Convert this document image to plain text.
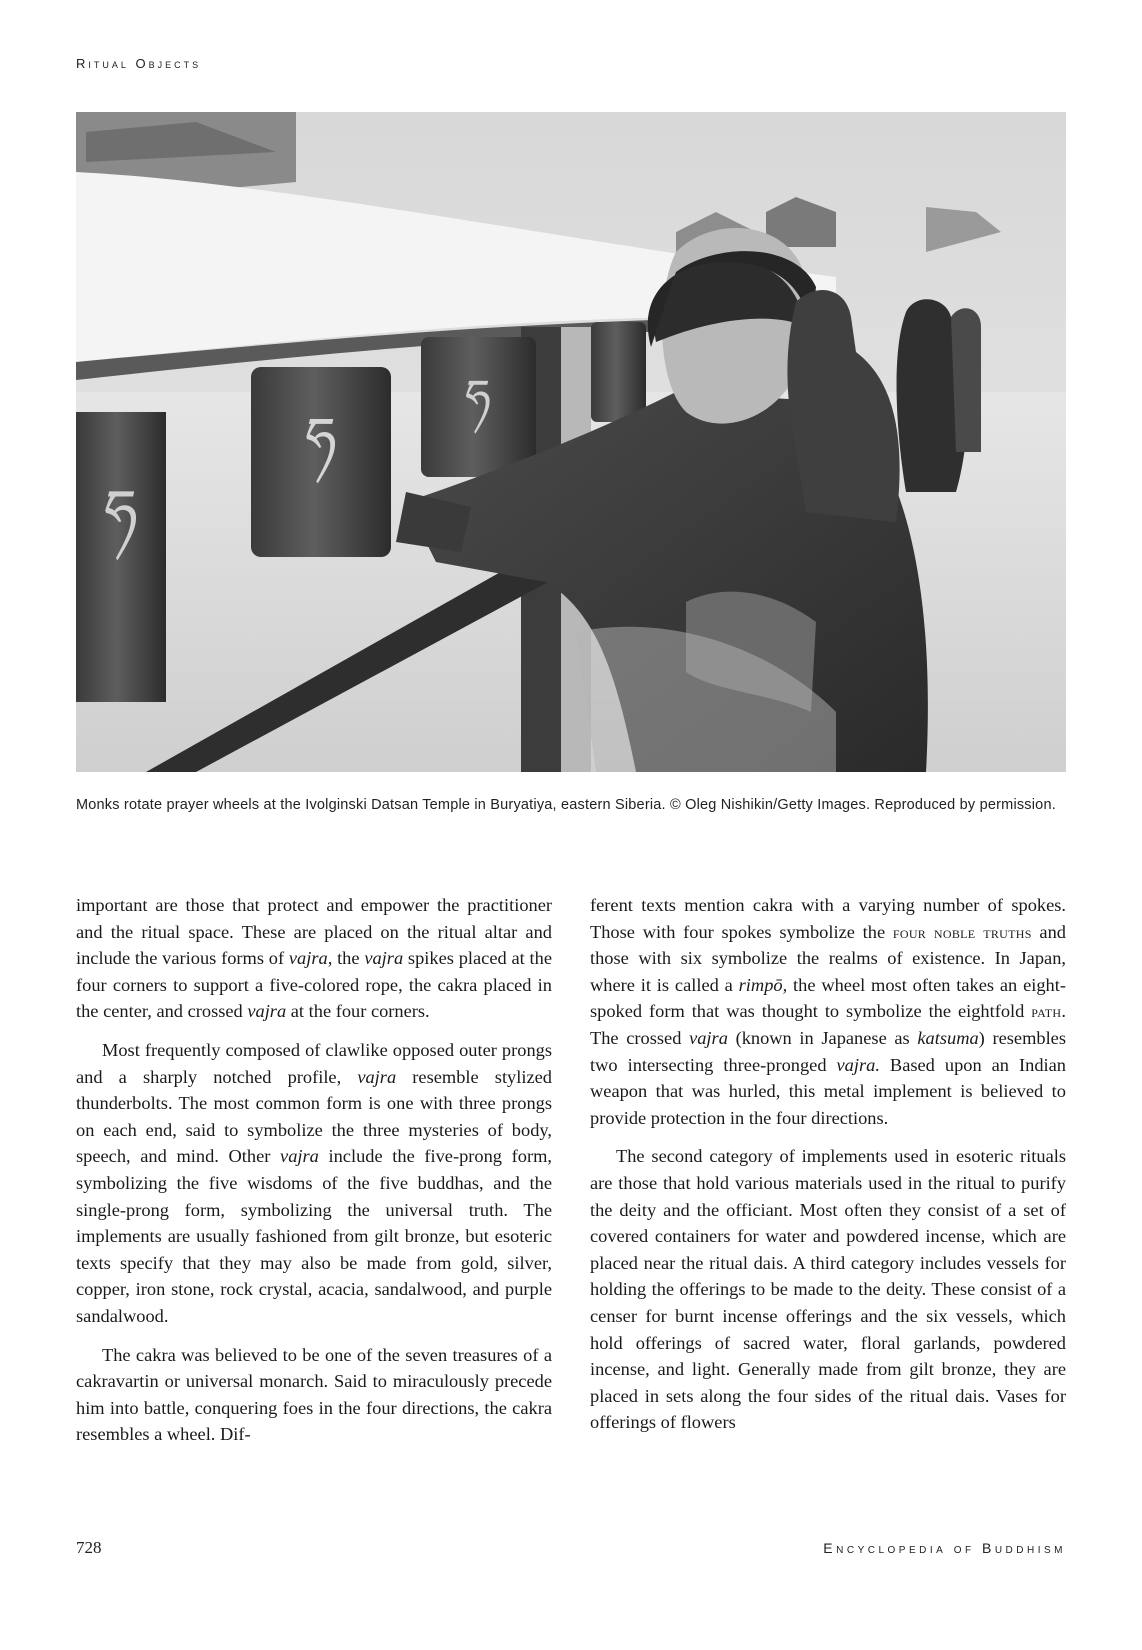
Ritual Objects
ཧ
ཧ
ཧ
Monks rotate prayer wheels at the Ivolginski Datsan Temple in Buryatiya, eastern Siberia. © Oleg Nishikin/Getty Images. Reproduced by permission.

important are those that protect and empower the practitioner and the ritual space. These are placed on the ritual altar and include the various forms of vajra, the vajra spikes placed at the four corners to support a five-colored rope, the cakra placed in the center, and crossed vajra at the four corners.

Most frequently composed of clawlike opposed outer prongs and a sharply notched profile, vajra resemble stylized thunderbolts. The most common form is one with three prongs on each end, said to symbolize the three mysteries of body, speech, and mind. Other vajra include the five-prong form, symbolizing the five wisdoms of the five buddhas, and the single-prong form, symbolizing the universal truth. The implements are usually fashioned from gilt bronze, but esoteric texts specify that they may also be made from gold, silver, copper, iron stone, rock crystal, acacia, sandalwood, and purple sandalwood.

The cakra was believed to be one of the seven treasures of a cakravartin or universal monarch. Said to miraculously precede him into battle, conquering foes in the four directions, the cakra resembles a wheel. Dif-

ferent texts mention cakra with a varying number of spokes. Those with four spokes symbolize the four noble truths and those with six symbolize the realms of existence. In Japan, where it is called a rimpō, the wheel most often takes an eight-spoked form that was thought to symbolize the eightfold path. The crossed vajra (known in Japanese as katsuma) resembles two intersecting three-pronged vajra. Based upon an Indian weapon that was hurled, this metal implement is believed to provide protection in the four directions.

The second category of implements used in esoteric rituals are those that hold various materials used in the ritual to purify the deity and the officiant. Most often they consist of a set of covered containers for water and powdered incense, which are placed near the ritual dais. A third category includes vessels for holding the offerings to be made to the deity. These consist of a censer for burnt incense offerings and the six vessels, which hold offerings of sacred water, floral garlands, powdered incense, and light. Generally made from gilt bronze, they are placed in sets along the four sides of the ritual dais. Vases for offerings of flowers

728	Encyclopedia of Buddhism
